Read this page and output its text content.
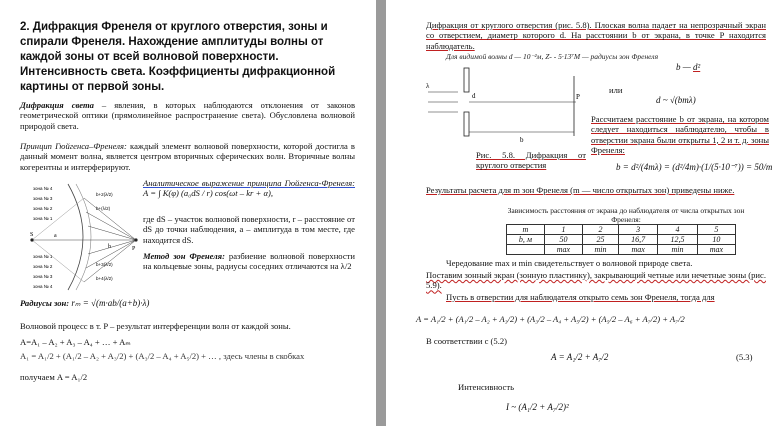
2. Дифракция Френеля от круглого отверстия, зоны и спирали Френеля. Нахождение амплитуды волны от каждой зоны от всей волновой поверхности. Интенсивность света. Коэффициенты дифракционной картины от первой зоны.
Дифракция света – явления, в которых наблюдаются отклонения от законов геометрической оптики (прямолинейное распространение света). Обусловлена волновой природой света.
Принцип Гюйгенса–Френеля: каждый элемент волновой поверхности, которой достигла в данный момент волна, является центром вторичных сферических волн. Вторичные волны когерентны и интерферируют.
S	a
b	P
зона № 4
зона № 3
зона № 2
зона № 1
зона № 1
зона № 2
зона № 3
зона № 4
b+2(λ/2)
b+(λ/2)
b+3(λ/2)
b+4(λ/2)
Аналитическое выражение принципа Гюйгенса-Френеля: A = ∫ K(φ) (a₀dS / r) cos(ωt – kr + α),
где dS – участок волновой поверхности, r – расстояние от dS до точки наблюдения, a – амплитуда в том месте, где находится dS.
Метод зон Френеля: разбиение волновой поверхности на кольцевые зоны, радиусы соседних отличаются на λ/2
Радиусы зон: rₘ = √(m·ab/(a+b)·λ)
Волновой процесс в т. P – результат интерференции волн от каждой зоны.
A=A₁ – A₂ + A₃ – A₄ + … + Aₘ
A₁ = A₁/2 + (A₁/2 – A₂ + A₃/2) + (A₃/2 – A₄ + A₅/2) + … , здесь члены в скобках
получаем A = A₁/2
Дифракция от круглого отверстия (рис. 5.8). Плоская волна падает на непрозрачный экран со отверстием, диаметр которого d. На расстоянии b от экрана, в точке P находится наблюдатель.
Для видимой волны d — 10⁻²м, Z- - 5·13⁷М — радиусы зон Френеля
λ
d	P
b
Рис. 5.8. Дифракция от круглого отверстия
b — d²
или
d ~ √(bmλ)
Рассчитаем расстояние b от экрана, на котором следует находиться наблюдателю, чтобы в отверстии экрана были открыты 1, 2 и т. д. зоны Френеля:
b = d²/(4mλ) = (d²/4m)·(1/(5·10⁻⁷)) = 50/m
Результаты расчета для m зон Френеля (m — число открытых зон) приведены ниже.
Зависимость расстояния от экрана до наблюдателя от числа открытых зон Френеля:
m	1	2	3	4	5
b, м	50	25	16,7	12,5	10
	max	min	max	min	max
Чередование max и min свидетельствует о волновой природе света.
Поставим зонный экран (зонную пластинку), закрывающий четные или нечетные зоны (рис. 5.9).
Пусть в отверстии для наблюдателя открыто семь зон Френеля, тогда для
A = A₁/2 + (A₁/2 – A₂ + A₃/2) + (A₃/2 – A₄ + A₅/2) + (A₅/2 – A₆ + A₇/2) + A₇/2
В соответствии с (5.2)
A = A₁/2 + A₇/2	(5.3)
Интенсивность
I ~ (A₁/2 + A₇/2)²
